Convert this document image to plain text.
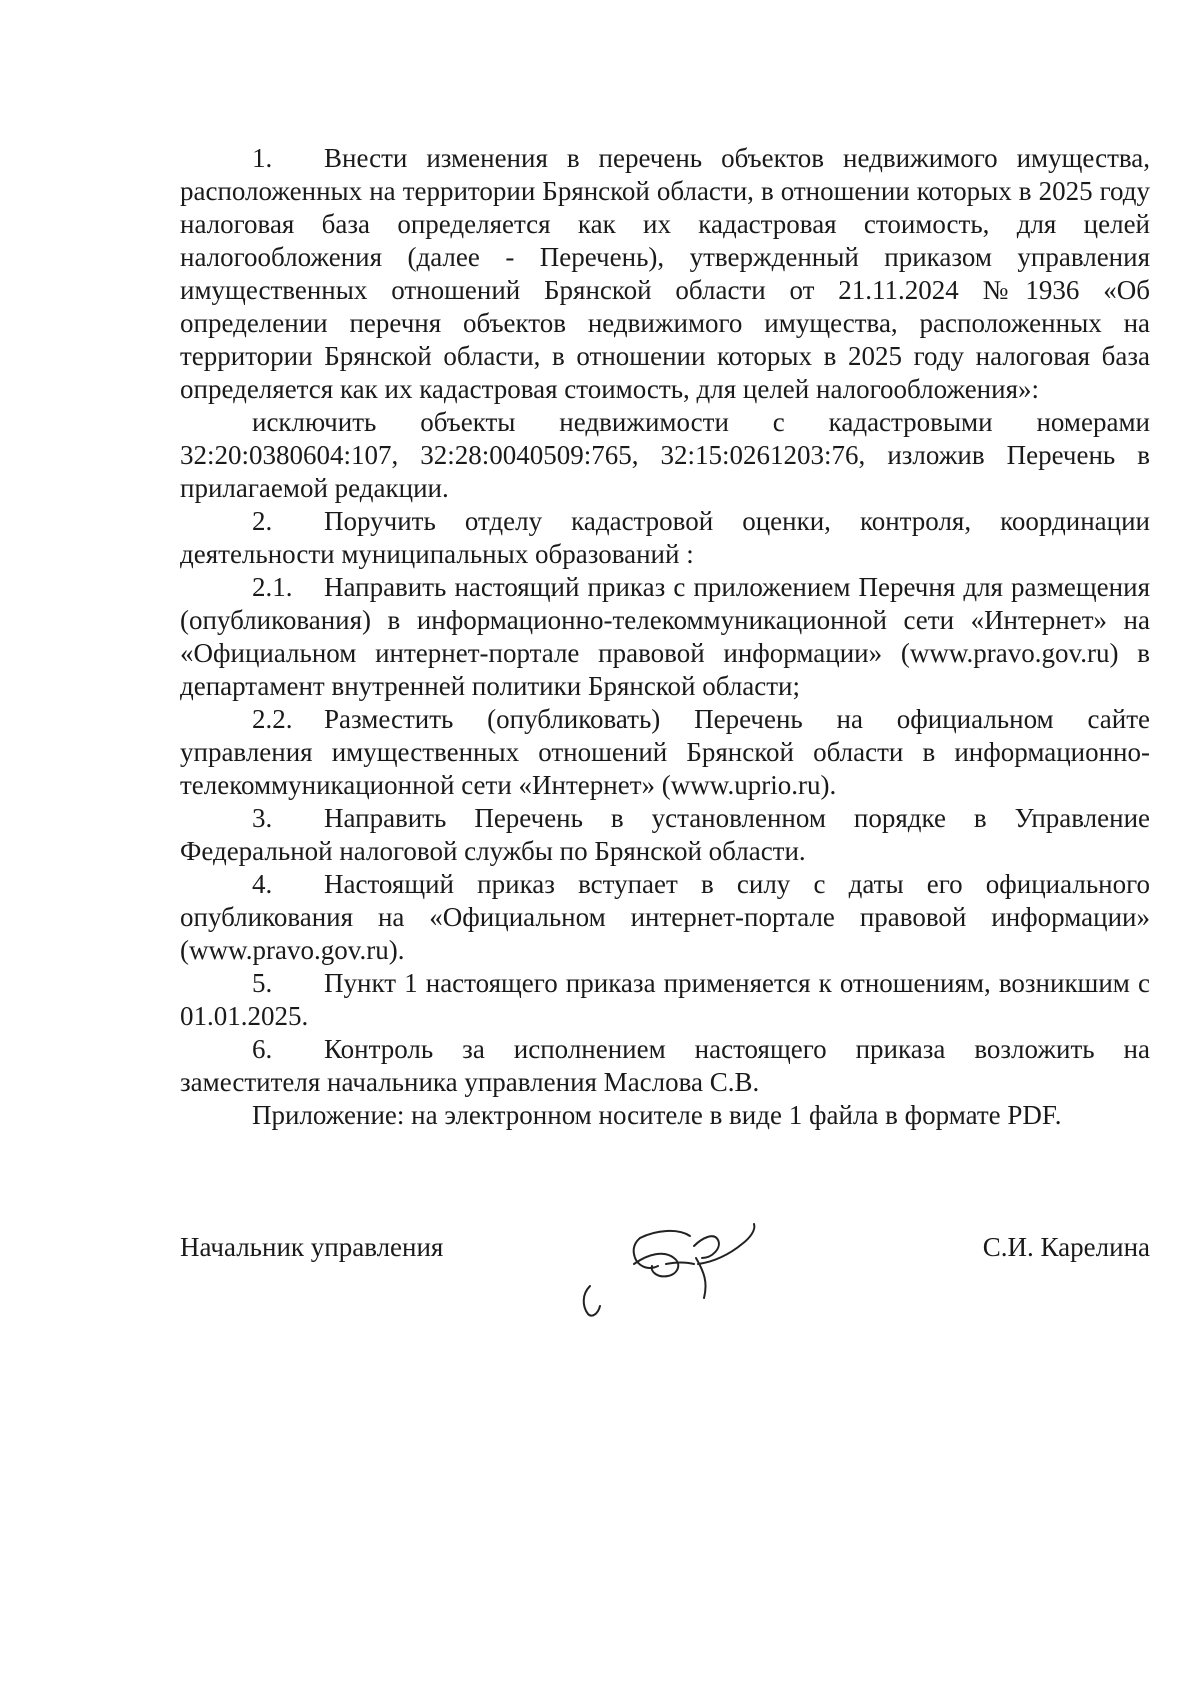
1. Внести изменения в перечень объектов недвижимого имущества, расположенных на территории Брянской области, в отношении которых в 2025 году налоговая база определяется как их кадастровая стоимость, для целей налогообложения (далее - Перечень), утвержденный приказом управления имущественных отношений Брянской области от 21.11.2024 №1936 «Об определении перечня объектов недвижимого имущества, расположенных на территории Брянской области, в отношении которых в 2025 году налоговая база определяется как их кадастровая стоимость, для целей налогообложения»:

исключить объекты недвижимости с кадастровыми номерами 32:20:0380604:107, 32:28:0040509:765, 32:15:0261203:76, изложив Перечень в прилагаемой редакции.

2. Поручить отделу кадастровой оценки, контроля, координации деятельности муниципальных образований :

2.1. Направить настоящий приказ с приложением Перечня для размещения (опубликования) в информационно-телекоммуникационной сети «Интернет» на «Официальном интернет-портале правовой информации» (www.pravo.gov.ru) в департамент внутренней политики Брянской области;

2.2. Разместить (опубликовать) Перечень на официальном сайте управления имущественных отношений Брянской области в информационно-телекоммуникационной сети «Интернет» (www.uprio.ru).

3. Направить Перечень в установленном порядке в Управление Федеральной налоговой службы по Брянской области.

4. Настоящий приказ вступает в силу с даты его официального опубликования на «Официальном интернет-портале правовой информации» (www.pravo.gov.ru).

5. Пункт 1 настоящего приказа применяется к отношениям, возникшим с 01.01.2025.

6. Контроль за исполнением настоящего приказа возложить на заместителя начальника управления Маслова С.В.

Приложение: на электронном носителе в виде 1 файла в формате PDF.

Начальник управления	С.И. Карелина
